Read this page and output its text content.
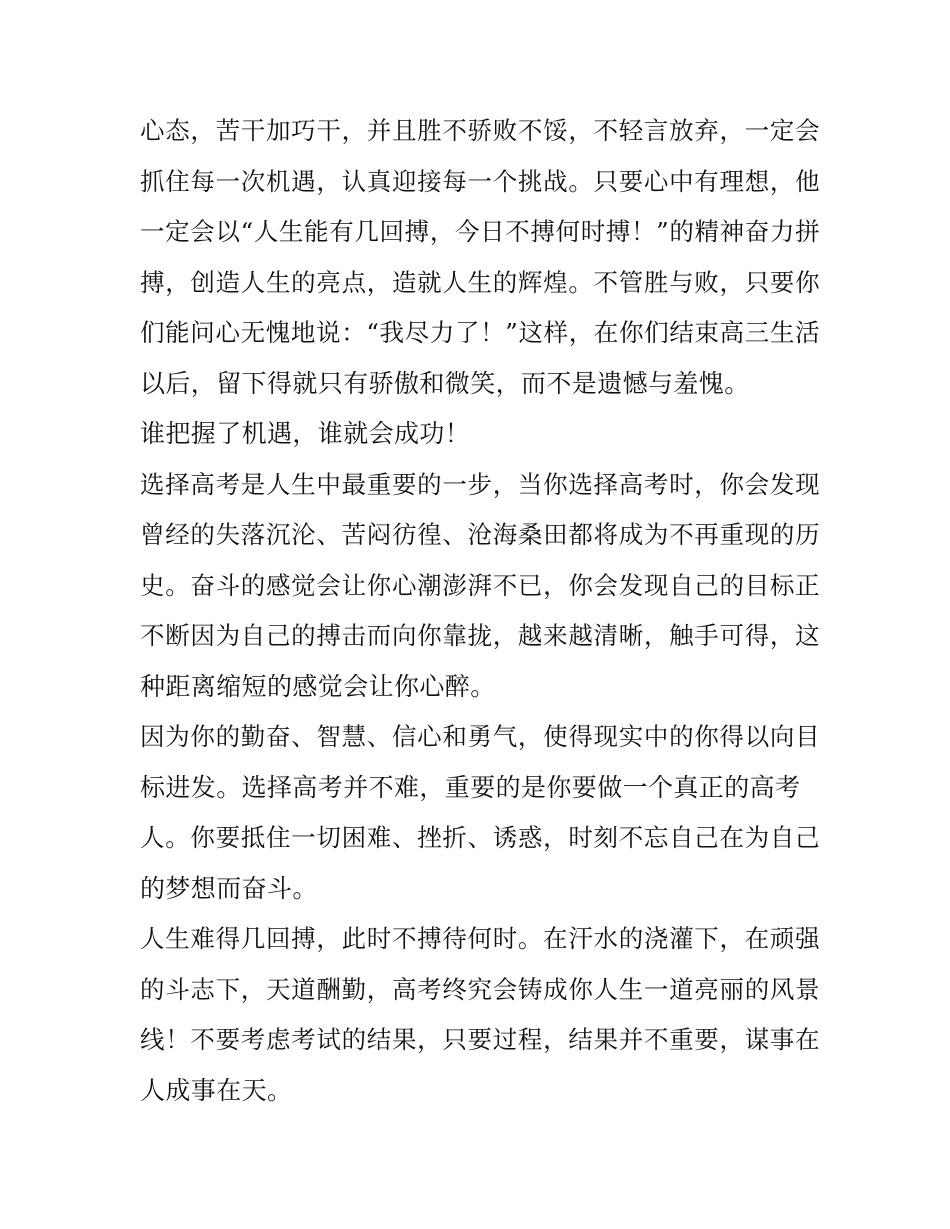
心态，苦干加巧干，并且胜不骄败不馁，不轻言放弃，一定会
抓住每一次机遇，认真迎接每一个挑战。只要心中有理想，他
一定会以“人生能有几回搏，今日不搏何时搏！”的精神奋力拼
搏，创造人生的亮点，造就人生的辉煌。不管胜与败，只要你
们能问心无愧地说：“我尽力了！”这样，在你们结束高三生活
以后，留下得就只有骄傲和微笑，而不是遗憾与羞愧。
谁把握了机遇，谁就会成功！
选择高考是人生中最重要的一步，当你选择高考时，你会发现
曾经的失落沉沦、苦闷彷徨、沧海桑田都将成为不再重现的历
史。奋斗的感觉会让你心潮澎湃不已，你会发现自己的目标正
不断因为自己的搏击而向你靠拢，越来越清晰，触手可得，这
种距离缩短的感觉会让你心醉。
因为你的勤奋、智慧、信心和勇气，使得现实中的你得以向目
标进发。选择高考并不难，重要的是你要做一个真正的高考
人。你要抵住一切困难、挫折、诱惑，时刻不忘自己在为自己
的梦想而奋斗。
人生难得几回搏，此时不搏待何时。在汗水的浇灌下，在顽强
的斗志下，天道酬勤，高考终究会铸成你人生一道亮丽的风景
线！不要考虑考试的结果，只要过程，结果并不重要，谋事在
人成事在天。
